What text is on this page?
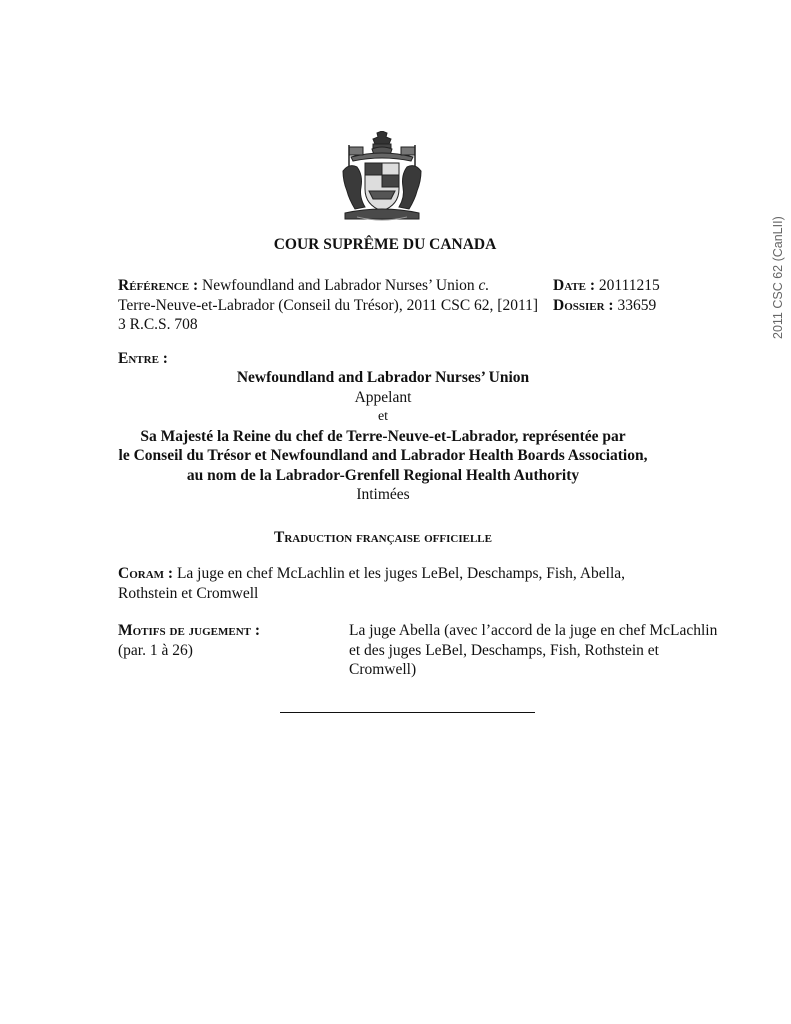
2011 CSC 62 (CanLII)
COUR SUPRÊME DU CANADA
Référence : Newfoundland and Labrador Nurses’ Union c.
Terre-Neuve-et-Labrador (Conseil du Trésor), 2011 CSC 62, [2011]
3 R.C.S. 708
Date : 20111215
Dossier : 33659
Entre :
Newfoundland and Labrador Nurses’ Union
Appelant
et
Sa Majesté la Reine du chef de Terre-Neuve-et-Labrador, représentée par
le Conseil du Trésor et Newfoundland and Labrador Health Boards Association,
au nom de la Labrador-Grenfell Regional Health Authority
Intimées
Traduction française officielle
Coram : La juge en chef McLachlin et les juges LeBel, Deschamps, Fish, Abella,
Rothstein et Cromwell
Motifs de jugement :
(par. 1 à 26)
La juge Abella (avec l’accord de la juge en chef McLachlin
et des juges LeBel, Deschamps, Fish, Rothstein et
Cromwell)
